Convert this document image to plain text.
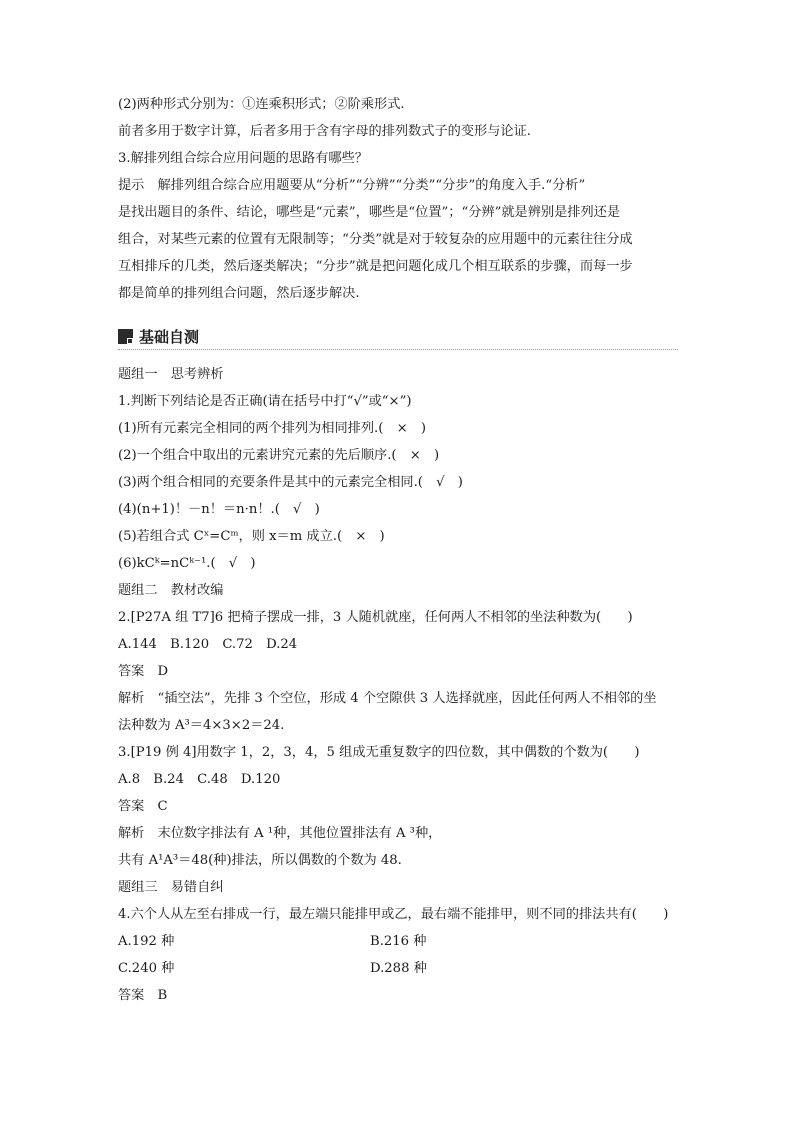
(2)两种形式分别为：①连乘积形式；②阶乘形式.
前者多用于数字计算，后者多用于含有字母的排列数式子的变形与论证.
3.解排列组合综合应用问题的思路有哪些？
提示　解排列组合综合应用题要从“分析”“分辨”“分类”“分步”的角度入手.“分析”
是找出题目的条件、结论，哪些是“元素”，哪些是“位置”；“分辨”就是辨别是排列还是
组合，对某些元素的位置有无限制等；“分类”就是对于较复杂的应用题中的元素往往分成
互相排斥的几类，然后逐类解决；“分步”就是把问题化成几个相互联系的步骤，而每一步
都是简单的排列组合问题，然后逐步解决.
基础自测
题组一　思考辨析
1.判断下列结论是否正确(请在括号中打“√”或“×”)
(1)所有元素完全相同的两个排列为相同排列.(　×　)
(2)一个组合中取出的元素讲究元素的先后顺序.(　×　)
(3)两个组合相同的充要条件是其中的元素完全相同.(　√　)
(4)(n+1)！－n！＝n·n！.(　√　)
(5)若组合式 Cˣ=Cᵐ，则 x＝m 成立.(　×　)
(6)kCᵏ=nCᵏ⁻¹.(　√　)
题组二　教材改编
2.[P27A 组 T7]6 把椅子摆成一排，3 人随机就座，任何两人不相邻的坐法种数为(　　)
A.144　B.120　C.72　D.24
答案　D
解析　“插空法”，先排 3 个空位，形成 4 个空隙供 3 人选择就座，因此任何两人不相邻的坐
法种数为 A³＝4×3×2＝24.
3.[P19 例 4]用数字 1，2，3，4，5 组成无重复数字的四位数，其中偶数的个数为(　　)
A.8　B.24　C.48　D.120
答案　C
解析　末位数字排法有 A ¹种，其他位置排法有 A ³种，
共有 A¹A³＝48(种)排法，所以偶数的个数为 48.
题组三　易错自纠
4.六个人从左至右排成一行，最左端只能排甲或乙，最右端不能排甲，则不同的排法共有(　　)
A.192 种	B.216 种
C.240 种	D.288 种
答案　B
